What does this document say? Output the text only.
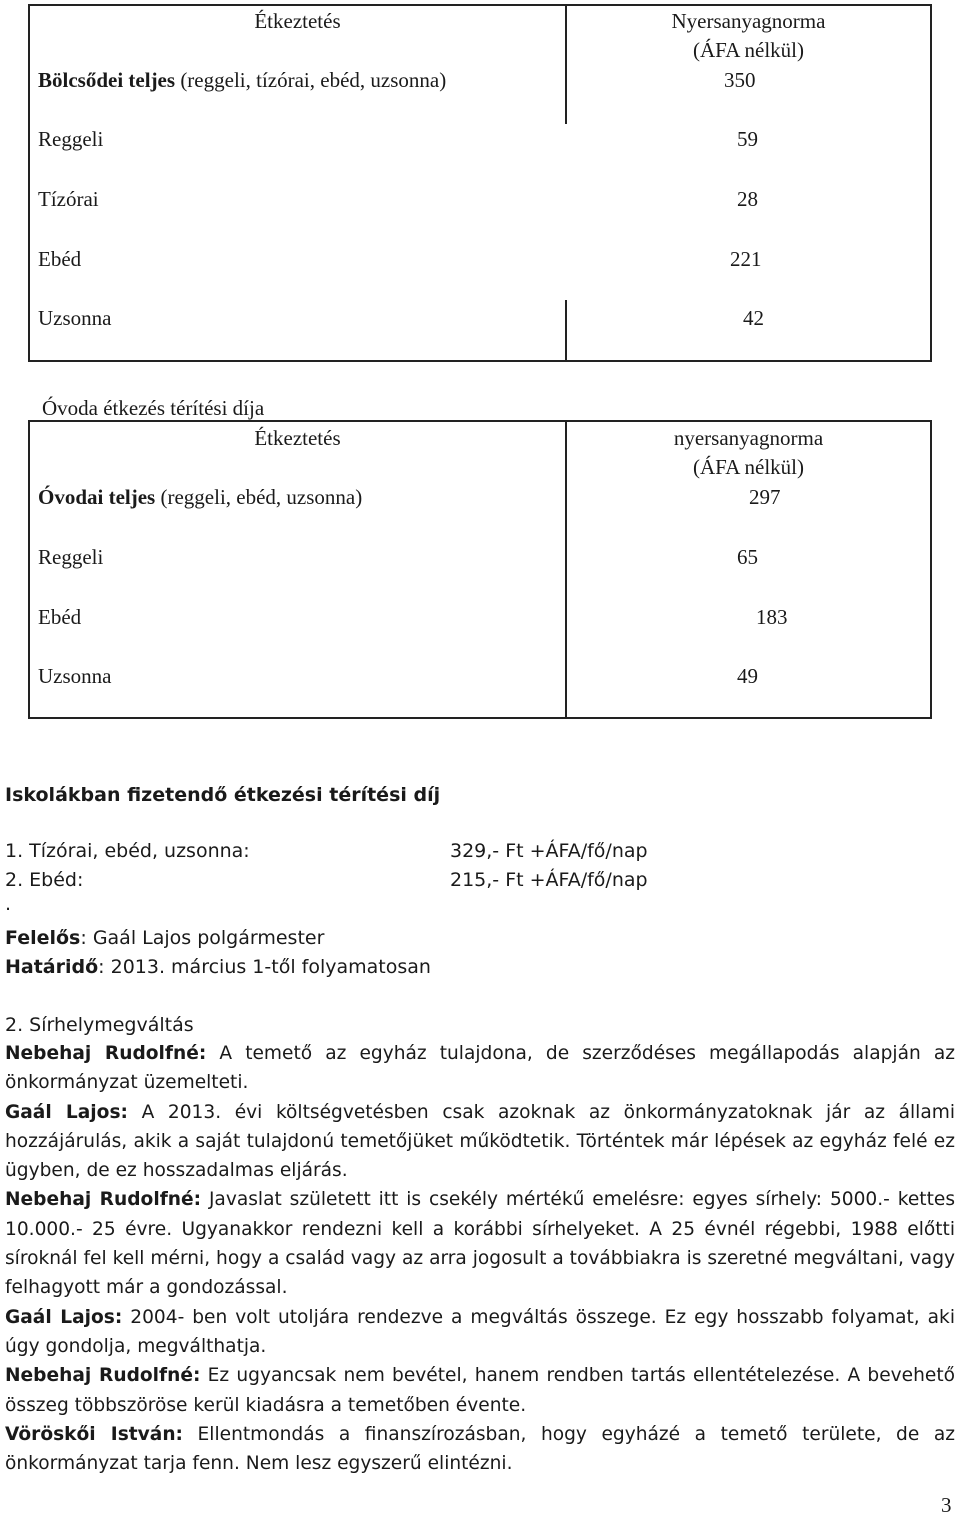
Étkeztetés	Nyersanyagnorma
(ÁFA nélkül)
Bölcsődei teljes (reggeli, tízórai, ebéd, uzsonna)	350
Reggeli	59
Tízórai	28
Ebéd	221
Uzsonna	42
Óvoda étkezés térítési díja
Étkeztetés	nyersanyagnorma
(ÁFA nélkül)
Óvodai teljes (reggeli, ebéd, uzsonna)	297
Reggeli	65
Ebéd	183
Uzsonna	49
Iskolákban fizetendő étkezési térítési díj
1. Tízórai, ebéd, uzsonna:	329,- Ft +ÁFA/fő/nap
2. Ebéd:	215,- Ft +ÁFA/fő/nap
.
Felelős: Gaál Lajos polgármester
Határidő: 2013. március 1-től folyamatosan
2. Sírhelymegváltás
Nebehaj Rudolfné: A temető az egyház tulajdona, de szerződéses megállapodás alapján az önkormányzat üzemelteti.
Gaál Lajos: A 2013. évi költségvetésben csak azoknak az önkormányzatoknak jár az állami hozzájárulás, akik a saját tulajdonú temetőjüket működtetik. Történtek már lépések az egyház felé ez ügyben, de ez hosszadalmas eljárás.
Nebehaj Rudolfné: Javaslat született itt is csekély mértékű emelésre: egyes sírhely: 5000.- kettes 10.000.- 25 évre. Ugyanakkor rendezni kell a korábbi sírhelyeket. A 25 évnél régebbi, 1988 előtti síroknál fel kell mérni, hogy a család vagy az arra jogosult a továbbiakra is szeretné megváltani, vagy felhagyott már a gondozással.
Gaál Lajos: 2004- ben volt utoljára rendezve a megváltás összege. Ez egy hosszabb folyamat, aki úgy gondolja, megválthatja.
Nebehaj Rudolfné: Ez ugyancsak nem bevétel, hanem rendben tartás ellentételezése. A bevehető összeg többszöröse kerül kiadásra a temetőben évente.
Vöröskői István: Ellentmondás a finanszírozásban, hogy egyházé a temető területe, de az önkormányzat tarja fenn. Nem lesz egyszerű elintézni.
3
